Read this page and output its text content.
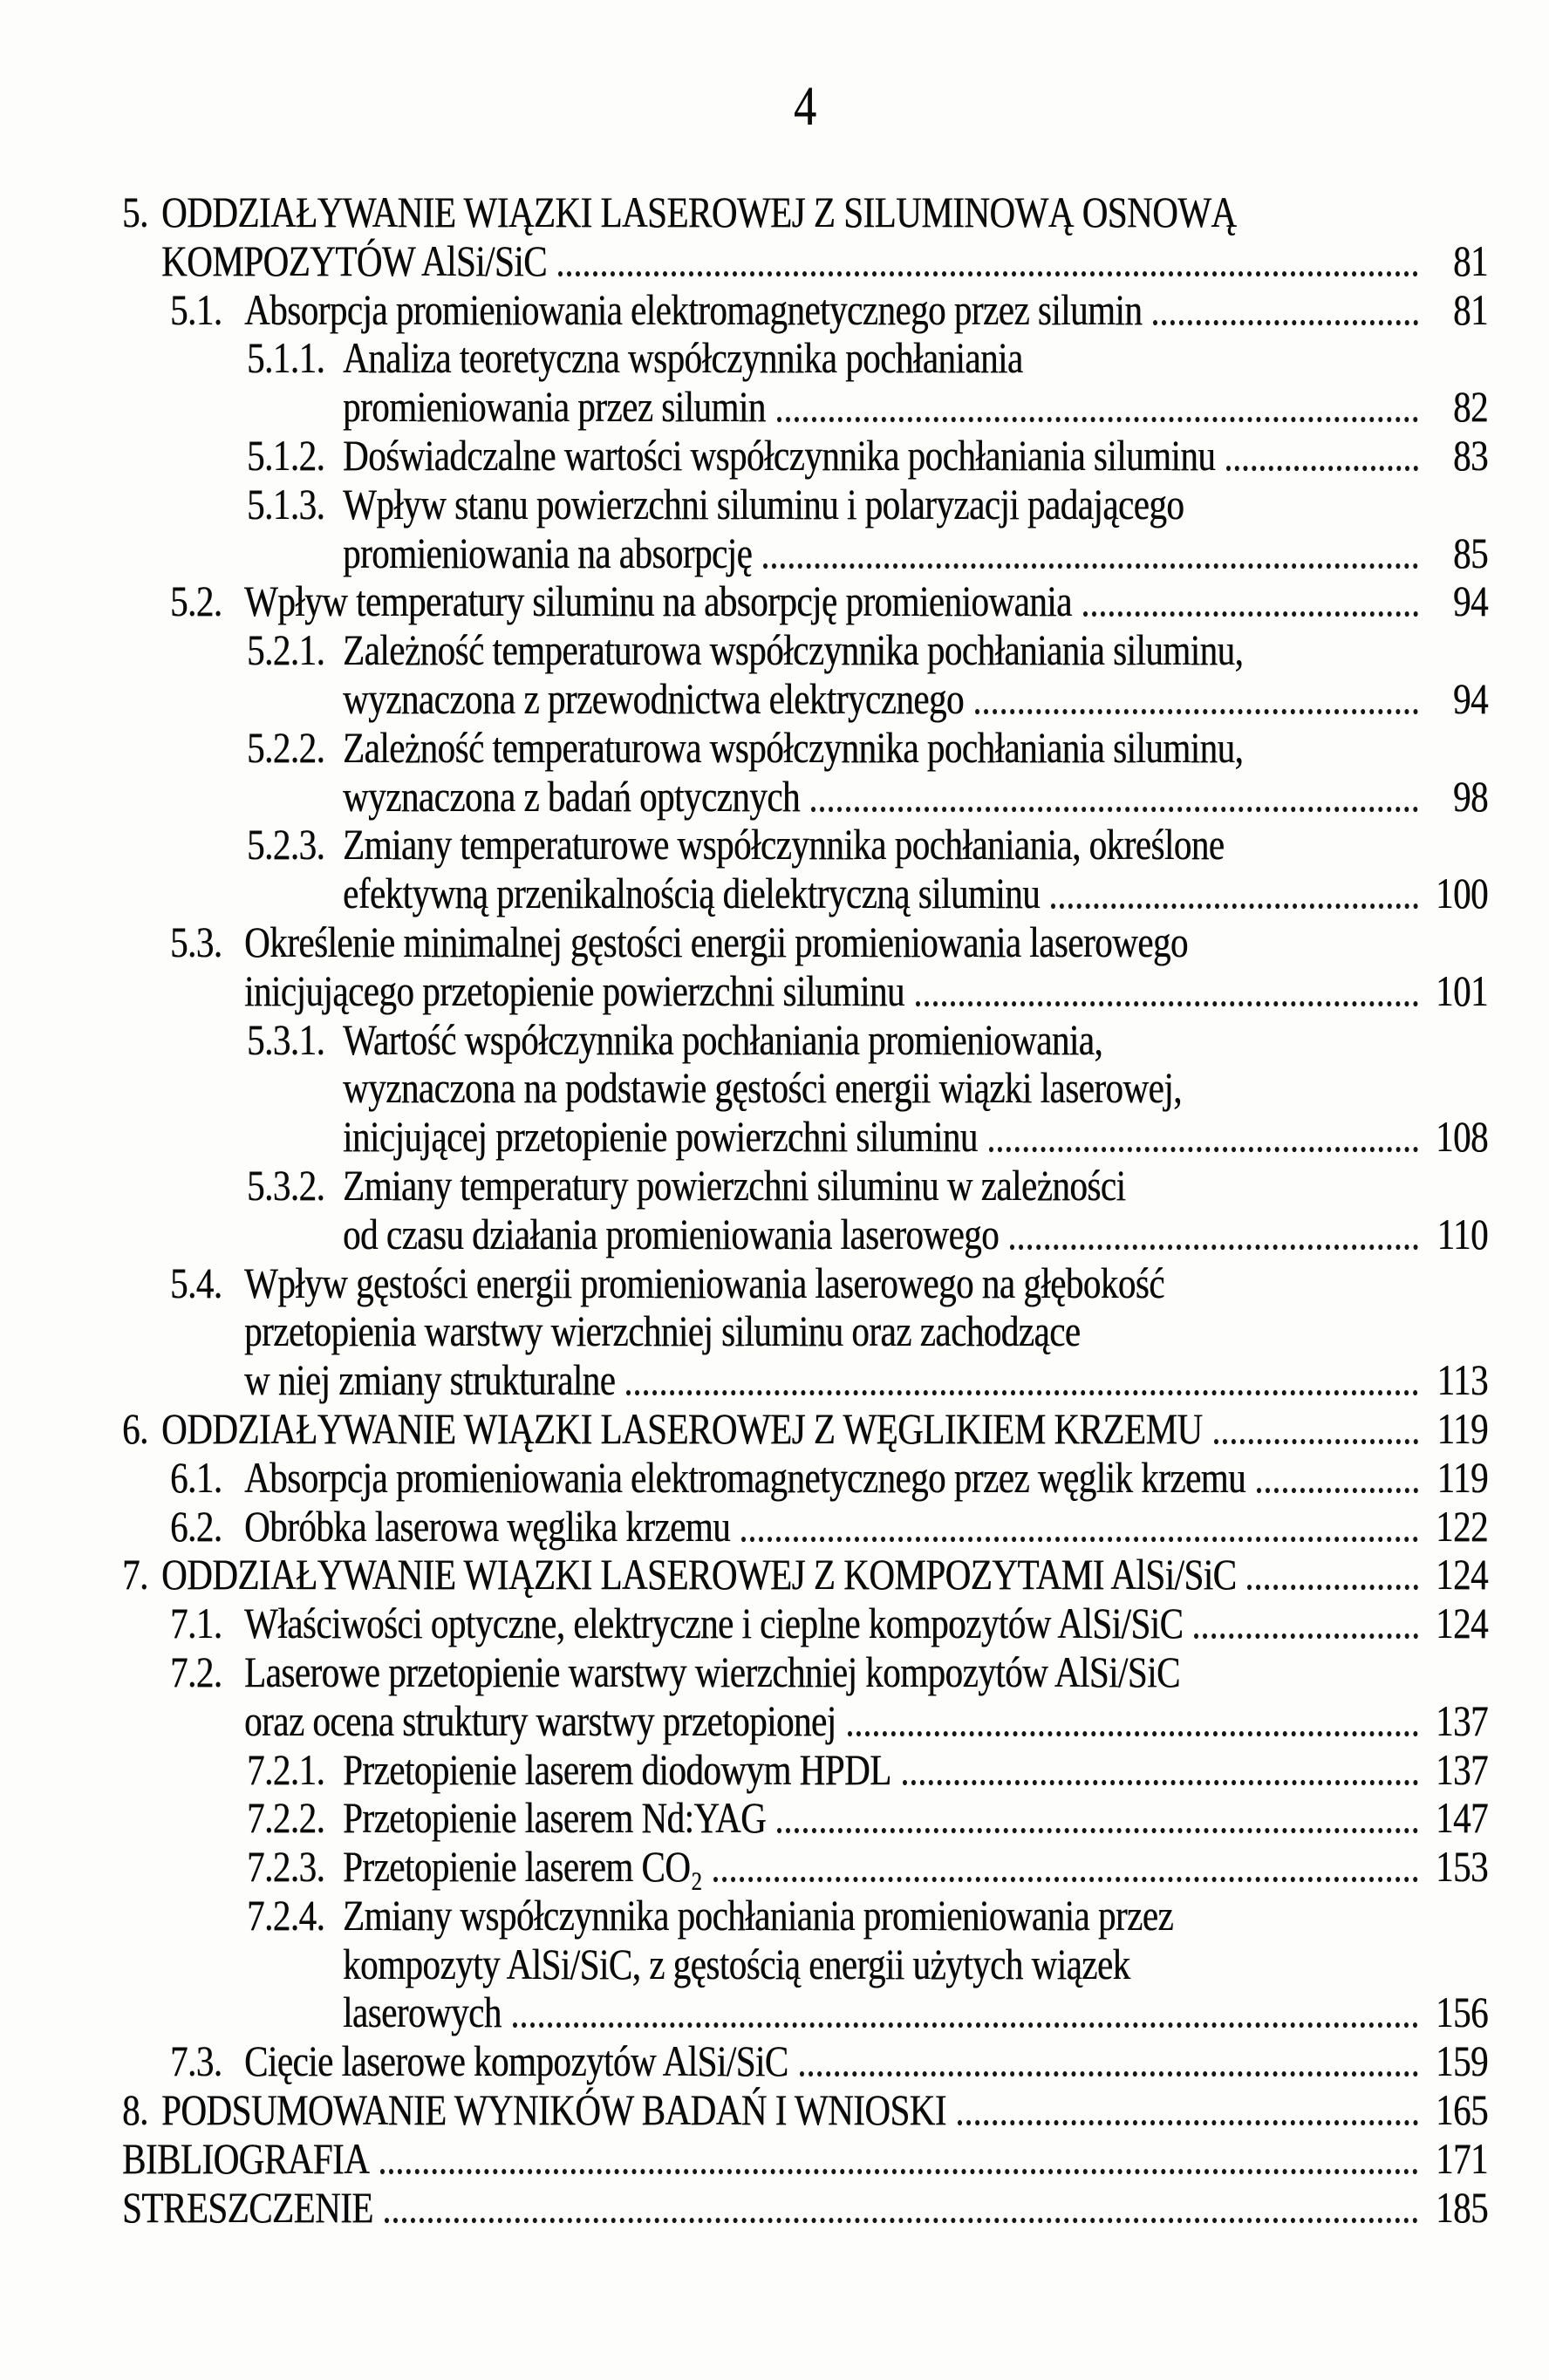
4
5. ODDZIAŁYWANIE WIĄZKI LASEROWEJ Z SILUMINOWĄ OSNOWĄ
KOMPOZYTÓW AlSi/SiC	81
5.1. Absorpcja promieniowania elektromagnetycznego przez silumin	81
5.1.1. Analiza teoretyczna współczynnika pochłaniania
promieniowania przez silumin	82
5.1.2. Doświadczalne wartości współczynnika pochłaniania siluminu	83
5.1.3. Wpływ stanu powierzchni siluminu i polaryzacji padającego
promieniowania na absorpcję	85
5.2. Wpływ temperatury siluminu na absorpcję promieniowania	94
5.2.1. Zależność temperaturowa współczynnika pochłaniania siluminu,
wyznaczona z przewodnictwa elektrycznego	94
5.2.2. Zależność temperaturowa współczynnika pochłaniania siluminu,
wyznaczona z badań optycznych	98
5.2.3. Zmiany temperaturowe współczynnika pochłaniania, określone
efektywną przenikalnością dielektryczną siluminu	100
5.3. Określenie minimalnej gęstości energii promieniowania laserowego
inicjującego przetopienie powierzchni siluminu	101
5.3.1. Wartość współczynnika pochłaniania promieniowania,
wyznaczona na podstawie gęstości energii wiązki laserowej,
inicjującej przetopienie powierzchni siluminu	108
5.3.2. Zmiany temperatury powierzchni siluminu w zależności
od czasu działania promieniowania laserowego	110
5.4. Wpływ gęstości energii promieniowania laserowego na głębokość
przetopienia warstwy wierzchniej siluminu oraz zachodzące
w niej zmiany strukturalne	113
6. ODDZIAŁYWANIE WIĄZKI LASEROWEJ Z WĘGLIKIEM KRZEMU	119
6.1. Absorpcja promieniowania elektromagnetycznego przez węglik krzemu	119
6.2. Obróbka laserowa węglika krzemu	122
7. ODDZIAŁYWANIE WIĄZKI LASEROWEJ Z KOMPOZYTAMI AlSi/SiC	124
7.1. Właściwości optyczne, elektryczne i cieplne kompozytów AlSi/SiC	124
7.2. Laserowe przetopienie warstwy wierzchniej kompozytów AlSi/SiC
oraz ocena struktury warstwy przetopionej	137
7.2.1. Przetopienie laserem diodowym HPDL	137
7.2.2. Przetopienie laserem Nd:YAG	147
7.2.3. Przetopienie laserem CO₂	153
7.2.4. Zmiany współczynnika pochłaniania promieniowania przez
kompozyty AlSi/SiC, z gęstością energii użytych wiązek
laserowych	156
7.3. Cięcie laserowe kompozytów AlSi/SiC	159
8. PODSUMOWANIE WYNIKÓW BADAŃ I WNIOSKI	165
BIBLIOGRAFIA	171
STRESZCZENIE	185
